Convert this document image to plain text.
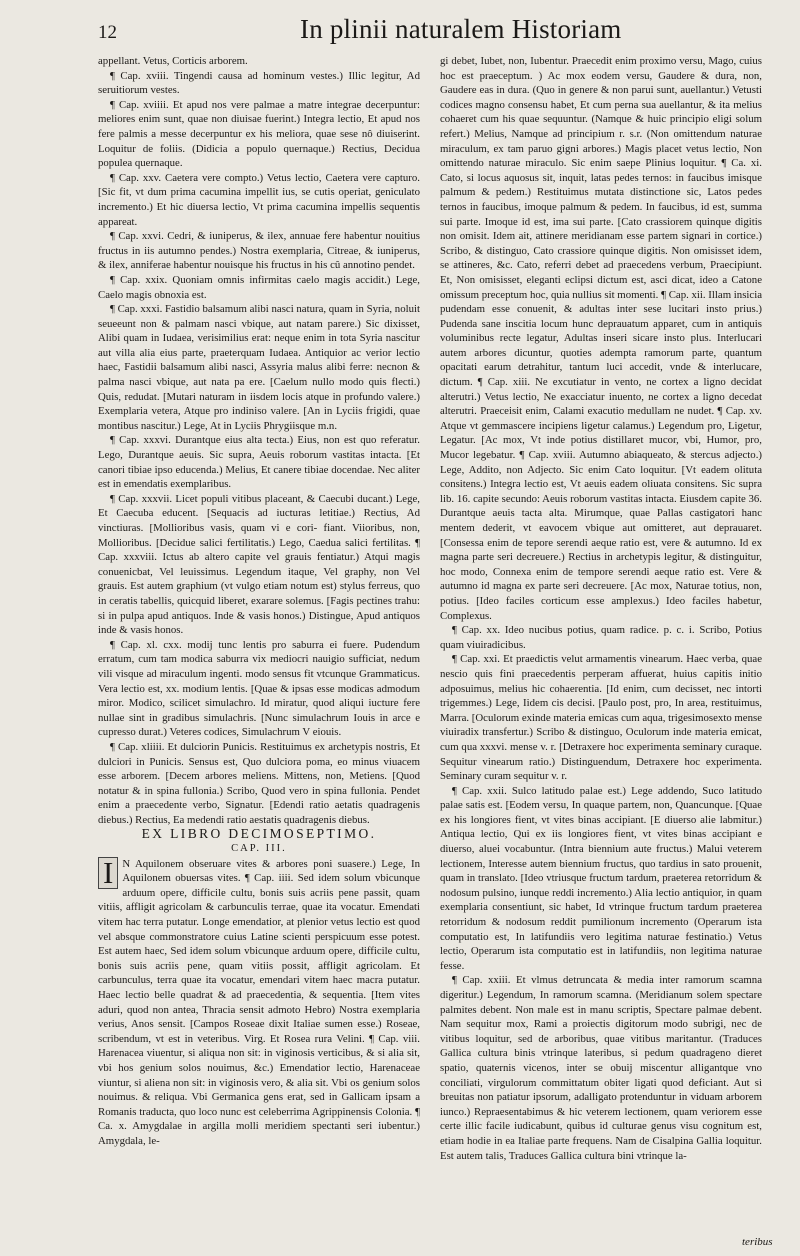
12	In plinii naturalem Historiam

appellant. Vetus, Corticis arborem.

¶ Cap. xviii. Tingendi causa ad hominum vestes.) Illic legitur, Ad seruitiorum vestes.

¶ Cap. xviiii. Et apud nos vere palmae a matre integrae decerpuntur: meliores enim sunt, quae non diuisae fuerint.) Integra lectio, Et apud nos fere palmis a messe decerpuntur ex his meliora, quae sese nô diuiserint. Loquitur de foliis. (Didicia a populo quernaque.) Rectius, Decidua populea quernaque.

¶ Cap. xxv. Caetera vere compto.) Vetus lectio, Caetera vere capturo. [Sic fit, vt dum prima cacumina impellit ius, se cutis operiat, geniculato incremento.) Et hic diuersa lectio, Vt prima cacumina impellis sequentis appareat.

¶ Cap. xxvi. Cedri, & iuniperus, & ilex, annuae fere habentur nouitius fructus in iis autumno pendes.) Nostra exemplaria, Citreae, & iuniperus, & ilex, anniferae habentur nouisque his fructus in his cû annotino pendet.

¶ Cap. xxix. Quoniam omnis infirmitas caelo magis accidit.) Lege, Caelo magis obnoxia est.

¶ Cap. xxxi. Fastidio balsamum alibi nasci natura, quam in Syria, noluit seueeunt non & palmam nasci vbique, aut natam parere.) Sic dixisset, Alibi quam in Iudaea, verisimilius erat: neque enim in tota Syria nascitur aut villa alia eius parte, praeterquam Iudaea. Antiquior ac verior lectio haec, Fastidii balsamum alibi nasci, Assyria malus alibi ferre: necnon & palma nasci vbique, aut nata pa ere. [Caelum nullo modo quis flecti.) Quis, redudat. [Mutari naturam in iisdem locis atque in profundo valere.) Exemplaria vetera, Atque pro indiniso valere. [An in Lyciis frigidi, quae montibus nascitur.) Lege, At in Lyciis Phrygiisque m.n.

¶ Cap. xxxvi. Durantque eius alta tecta.) Eius, non est quo referatur. Lego, Durantque aeuis. Sic supra, Aeuis roborum vastitas intacta. [Et canori tibiae ipso educenda.) Melius, Et canere tibiae docendae. Nec aliter est in emendatis exemplaribus.

¶ Cap. xxxvii. Licet populi vitibus placeant, & Caecubi ducant.) Lege, Et Caecuba educent. [Sequacis ad iucturas letitiae.) Rectius, Ad vinctiuras. [Mollioribus vasis, quam vi e cori- fiant. Viioribus, non, Mollioribus. [Decidue salici fertilitatis.) Lego, Caedua salici fertilitas. ¶ Cap. xxxviii. Ictus ab altero capite vel grauis fentiatur.) Atqui magis conuenicbat, Vel leuissimus. Legendum itaque, Vel graphy, non Vel grauis. Est autem graphium (vt vulgo etiam notum est) stylus ferreus, quo in ceratis tabellis, quicquid liberet, exarare solemus. [Fagis pectines trahu: si in pulpa apud antiquos. Inde & vasis honos.) Distingue, Apud antiquos inde & vasis honos.

¶ Cap. xl. cxx. modij tunc lentis pro saburra ei fuere. Pudendum erratum, cum tam modica saburra vix mediocri nauigio sufficiat, nedum vili visque ad miraculum ingenti. modo sensus fit vtcunque Grammaticus. Vera lectio est, xx. modium lentis. [Quae & ipsas esse modicas admodum miror. Modico, scilicet simulachro. Id miratur, quod aliqui iucture fere nullae sint in gradibus simulachris. [Nunc simulachrum Iouis in arce e cupresso durat.) Veteres codices, Simulachrum V eiouis.

¶ Cap. xliiii. Et dulciorin Punicis. Restituimus ex archetypis nostris, Et dulciori in Punicis. Sensus est, Quo dulciora poma, eo minus viuacem esse arborem. [Decem arbores meliens. Mittens, non, Metiens. [Quod notatur & in spina fullonia.) Scribo, Quod vero in spina fullonia. Pendet enim a praecedente verbo, Signatur. [Edendi ratio aetatis quadragenis diebus.) Rectius, Ea medendi ratio aestatis quadragenis diebus.

EX LIBRO DECIMOSEPTIMO.

CAP. III.

I N Aquilonem obseruare vites & arbores poni suasere.) Lege, In Aquilonem obuersas vites. ¶ Cap. iiii. Sed idem solum vbicunque arduum opere, difficile cultu, bonis suis acriis pene passit, quam vitiis, affligit agricolam & carbunculis terrae, quae ita vocatur. Emendati vitem hac terra putatur. Longe emendatior, at plenior vetus lectio est quod vel absque commonstratore cuius Latine scienti perspicuum esse potest. Est autem haec, Sed idem solum vbicunque arduum opere, difficile cultu, bonis suis acriis pene, quam vitiis possit, affligit agricolam. Et carbunculus, terra quae ita vocatur, emendari vitem haec macra putatur. Haec lectio belle quadrat & ad praecedentia, & sequentia. [Item vites aduri, quod non antea, Thracia sensit admoto Hebro) Nostra exemplaria verius, Anos sensit. [Campos Roseae dixit Italiae sumen esse.) Roseae, scribendum, vt est in veteribus. Virg. Et Rosea rura Velini. ¶ Cap. viii. Harenacea viuentur, si aliqua non sit: in viginosis verticibus, & si alia sit, vbi hos genium solos nouimus, &c.) Emendatior lectio, Harenaceae viuntur, si aliena non sit: in viginosis vero, & alia sit. Vbi os genium solos nouimus. & reliqua. Vbi Germanica gens erat, sed in Gallicam ipsam a Romanis traducta, quo loco nunc est celeberrima Agrippinensis Colonia. ¶ Ca. x. Amygdalae in argilla molli meridiem spectanti seri iubentur.) Amygdala, le-

gi debet, Iubet, non, Iubentur. Praecedit enim proximo versu, Mago, cuius hoc est praeceptum. ) Ac mox eodem versu, Gaudere & dura, non, Gaudere eas in dura. (Quo in genere & non parui sunt, auellantur.) Vetusti codices magno consensu habet, Et cum perna sua auellantur, & ita melius cohaeret cum his quae sequuntur. (Namque & huic principio eligi solum refert.) Melius, Namque ad principium r. s.r. (Non omittendum naturae miraculum, ex tam paruo gigni arbores.) Magis placet vetus lectio, Non omittendo naturae miraculo. Sic enim saepe Plinius loquitur. ¶ Ca. xi. Cato, si locus aquosus sit, inquit, latas pedes ternos: in faucibus imisque palmum & pedem.) Restituimus mutata distinctione sic, Latos pedes ternos in faucibus, imoque palmum & pedem. In faucibus, id est, summa sui parte. Imoque id est, ima sui parte. [Cato crassiorem quinque digitis non omisit. Idem ait, attinere meridianam esse partem signari in cortice.) Scribo, & distinguo, Cato crassiore quinque digitis. Non omisisset idem, se attineres, &c. Cato, referri debet ad praecedens verbum, Praecipiunt. Et, Non omisisset, eleganti eclipsi dictum est, asci dicat, ideo a Catone omissum preceptum hoc, quia nullius sit momenti. ¶ Cap. xii. Illam insicia pudendam esse conuenit, & adultas inter sese lucitari insto prius.) Pudenda sane inscitia locum hunc deprauatum apparet, cum in antiquis voluminibus recte legatur, Adultas inseri sicare insto plus. Interlucari autem arbores dicuntur, quoties adempta ramorum parte, quantum opacitati earum detrahitur, tantum luci accedit, vnde & interlucare, dictum. ¶ Cap. xiii. Ne excutiatur in vento, ne cortex a ligno decidat alterutri.) Vetus lectio, Ne exacciatur inuento, ne cortex a ligno decedat alterutri. Praeceisit enim, Calami exacutio medullam ne nudet. ¶ Cap. xv. Atque vt gemmascere incipiens ligetur calamus.) Legendum pro, Ligetur, Legatur. [Ac mox, Vt inde potius distillaret mucor, vbi, Humor, pro, Mucor legebatur. ¶ Cap. xviii. Autumno abiaqueato, & stercus adjecto.) Lege, Addito, non Adjecto. Sic enim Cato loquitur. [Vt eadem olituta consitens.) Integra lectio est, Vt aeuis eadem oliuata consitens. Sic supra lib. 16. capite secundo: Aeuis roborum vastitas intacta. Eiusdem capite 36. Durantque aeuis tacta alta. Mirumque, quae Pallas castigatori hanc mentem dederit, vt eavocem vbique aut omitteret, aut deprauaret. [Consessa enim de tepore serendi aeque ratio est, vere & autumno. Id ex magna parte seri decreuere.) Rectius in archetypis legitur, & distinguitur, hoc modo, Connexa enim de tempore serendi aeque ratio est. Vere & autumno id magna ex parte seri decreuere. [Ac mox, Naturae totius, non, potius. [Ideo faciles corticum esse amplexus.) Ideo faciles habetur, Complexus.

¶ Cap. xx. Ideo nucibus potius, quam radice. p. c. i. Scribo, Potius quam viuiradicibus.

¶ Cap. xxi. Et praedictis velut armamentis vinearum. Haec verba, quae nescio quis fini praecedentis perperam affuerat, huius capitis initio adposuimus, melius hic cohaerentia. [Id enim, cum decisset, nec intorti trigemmes.) Lege, Iidem cis decisi. [Paulo post, pro, In area, restituimus, Marra. [Oculorum exinde materia emicas cum aqua, trigesimosexto mense viuiradix transfertur.) Scribo & distinguo, Oculorum inde materia emicat, cum qua xxxvi. mense v. r. [Detraxere hoc experimenta seminary curaque. Sequitur vinearum ratio.) Distinguendum, Detraxere hoc experimenta. Seminary curam sequitur v. r.

¶ Cap. xxii. Sulco latitudo palae est.) Lege addendo, Suco latitudo palae satis est. [Eodem versu, In quaque partem, non, Quancunque. [Quae ex his longiores fient, vt vites binas accipiant. [E diuerso alie labmitur.) Antiqua lectio, Qui ex iis longiores fient, vt vites binas accipiant e diuerso, aluei vocabuntur. (Intra biennium aute fructus.) Malui veterem lectionem, Interesse autem biennium fructus, quo tardius in sato prouenit, quam in translato. [Ideo vtriusque fructum tardum, praeterea retorridum & nodosum pulsino, iunque reddi incremento.) Alia lectio antiquior, in quam exemplaria consentiunt, sic habet, Id vtrinque fructum tardum praeterea retorridum & nodosum reddit pumilionum incremento (Operarum ista computatio est, In latifundiis vero legitima naturae festinatio.) Vetus lectio, Operarum ista computatio est in latifundiis, non legitima naturae fesse.

¶ Cap. xxiii. Et vlmus detruncata & media inter ramorum scamna digeritur.) Legendum, In ramorum scamna. (Meridianum solem spectare palmites debent. Non male est in manu scriptis, Spectare palmae debent. Nam sequitur mox, Rami a proiectis digitorum modo subrigi, nec de vitibus loquitur, sed de arboribus, quae vitibus maritantur. (Traduces Gallica cultura binis vtrinque lateribus, si pedum quadrageno dieret spatio, quaternis vicenos, inter se obuij miscentur alligantque vno conciliati, virgulorum committatum obiter ligati quod deficiant. Aut si breuitas non patiatur ipsorum, adalligato protenduntur in viduam arborem iunco.) Repraesentabimus & hic veterem lectionem, quam veriorem esse certe illic facile iudicabunt, quibus id culturae genus visu cognitum est, etiam hodie in ea Italiae parte frequens. Nam de Cisalpina Gallia loquitur. Est autem talis, Traduces Gallica cultura bini vtrinque la-

teribus
